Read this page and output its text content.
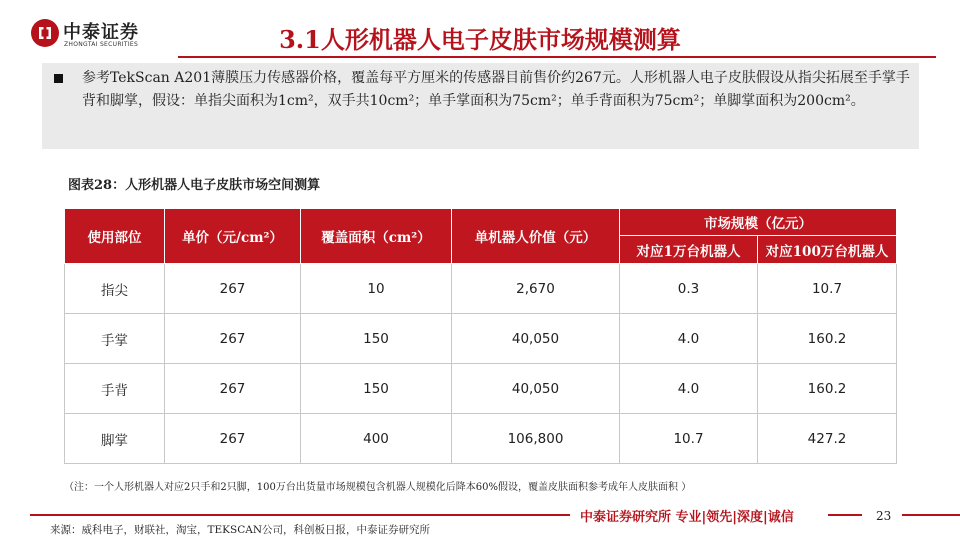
中泰证券
ZHONGTAI SECURITIES	3.1人形机器人电子皮肤市场规模测算
参考TekScan A201薄膜压力传感器价格，覆盖每平方厘米的传感器目前售价约267元。人形机器人电子皮肤假设从指尖拓展至手掌手背和脚掌，假设：单指尖面积为1cm²，双手共10cm²；单手掌面积为75cm²；单手背面积为75cm²；单脚掌面积为200cm²。
图表28：人形机器人电子皮肤市场空间测算
使用部位	单价（元/cm²）	覆盖面积（cm²）	单机器人价值（元）	市场规模（亿元）	
				对应1万台机器人	对应100万台机器人
指尖	267	10	2,670	0.3	10.7
手掌	267	150	40,050	4.0	160.2
手背	267	150	40,050	4.0	160.2
脚掌	267	400	106,800	10.7	427.2
（注：一个人形机器人对应2只手和2只脚，100万台出货量市场规模包含机器人规模化后降本60%假设，覆盖皮肤面积参考成年人皮肤面积 ）
中泰证券研究所 专业|领先|深度|诚信	23
来源：威科电子，财联社，淘宝，TEKSCAN公司，科创板日报，中泰证券研究所
